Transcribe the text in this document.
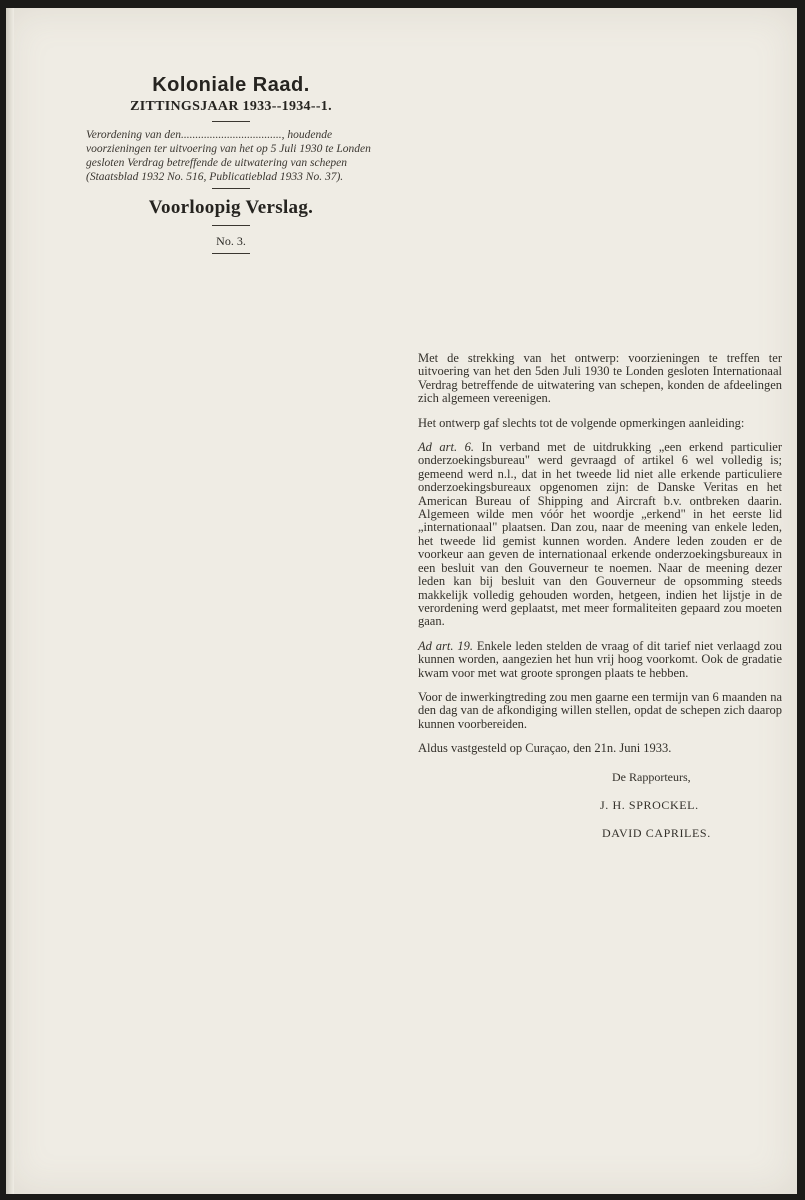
Koloniale Raad.
ZITTINGSJAAR 1933--1934--1.

Verordening van den..................................., houdende voorzieningen ter uitvoering van het op 5 Juli 1930 te Londen gesloten Verdrag betreffende de uitwatering van schepen (Staatsblad 1932 No. 516, Publicatieblad 1933 No. 37).

Voorloopig Verslag.
No. 3.

Met de strekking van het ontwerp: voorzieningen te treffen ter uitvoering van het den 5den Juli 1930 te Londen gesloten Internationaal Verdrag betreffende de uitwatering van schepen, konden de afdeelingen zich algemeen vereenigen.

Het ontwerp gaf slechts tot de volgende opmerkingen aanleiding:

Ad art. 6. In verband met de uitdrukking „een erkend particulier onderzoekingsbureau" werd gevraagd of artikel 6 wel volledig is; gemeend werd n.l., dat in het tweede lid niet alle erkende particuliere onderzoekingsbureaux opgenomen zijn: de Danske Veritas en het American Bureau of Shipping and Aircraft b.v. ontbreken daarin. Algemeen wilde men vóór het woordje „erkend" in het eerste lid „internationaal" plaatsen. Dan zou, naar de meening van enkele leden, het tweede lid gemist kunnen worden. Andere leden zouden er de voorkeur aan geven de internationaal erkende onderzoekingsbureaux in een besluit van den Gouverneur te noemen. Naar de meening dezer leden kan bij besluit van den Gouverneur de opsomming steeds makkelijk volledig gehouden worden, hetgeen, indien het lijstje in de verordening werd geplaatst, met meer formaliteiten gepaard zou moeten gaan.

Ad art. 19. Enkele leden stelden de vraag of dit tarief niet verlaagd zou kunnen worden, aangezien het hun vrij hoog voorkomt. Ook de gradatie kwam voor met wat groote sprongen plaats te hebben.

Voor de inwerkingtreding zou men gaarne een termijn van 6 maanden na den dag van de afkondiging willen stellen, opdat de schepen zich daarop kunnen voorbereiden.

Aldus vastgesteld op Curaçao, den 21n. Juni 1933.
De Rapporteurs,
J. H. SPROCKEL.
DAVID CAPRILES.
